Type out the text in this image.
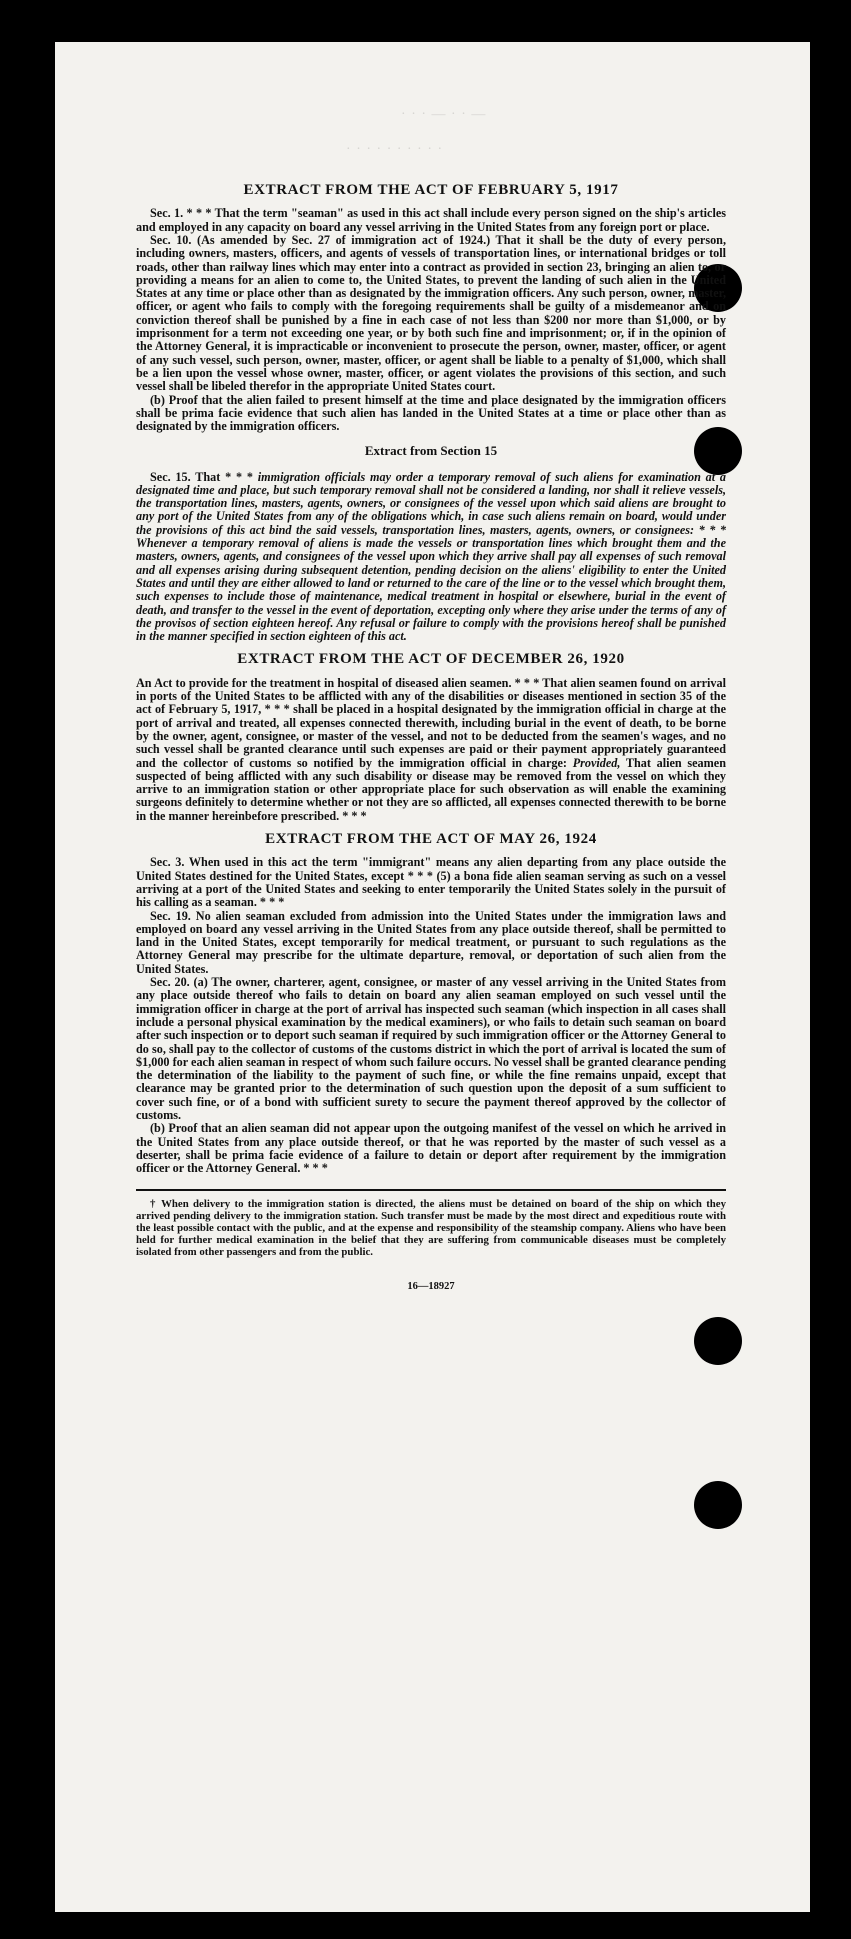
— · · — · · ·
· · · · · · · · · ·
EXTRACT FROM THE ACT OF FEBRUARY 5, 1917

Sec. 1. * * * That the term "seaman" as used in this act shall include every person signed on the ship's articles and employed in any capacity on board any vessel arriving in the United States from any foreign port or place.

Sec. 10. (As amended by Sec. 27 of immigration act of 1924.) That it shall be the duty of every person, including owners, masters, officers, and agents of vessels of transportation lines, or international bridges or toll roads, other than railway lines which may enter into a contract as provided in section 23, bringing an alien to, or providing a means for an alien to come to, the United States, to prevent the landing of such alien in the United States at any time or place other than as designated by the immigration officers. Any such person, owner, master, officer, or agent who fails to comply with the foregoing requirements shall be guilty of a misdemeanor and on conviction thereof shall be punished by a fine in each case of not less than $200 nor more than $1,000, or by imprisonment for a term not exceeding one year, or by both such fine and imprisonment; or, if in the opinion of the Attorney General, it is impracticable or inconvenient to prosecute the person, owner, master, officer, or agent of any such vessel, such person, owner, master, officer, or agent shall be liable to a penalty of $1,000, which shall be a lien upon the vessel whose owner, master, officer, or agent violates the provisions of this section, and such vessel shall be libeled therefor in the appropriate United States court.

(b) Proof that the alien failed to present himself at the time and place designated by the immigration officers shall be prima facie evidence that such alien has landed in the United States at a time or place other than as designated by the immigration officers.

Extract from Section 15

Sec. 15. That * * * immigration officials may order a temporary removal of such aliens for examination at a designated time and place, but such temporary removal shall not be considered a landing, nor shall it relieve vessels, the transportation lines, masters, agents, owners, or consignees of the vessel upon which said aliens are brought to any port of the United States from any of the obligations which, in case such aliens remain on board, would under the provisions of this act bind the said vessels, transportation lines, masters, agents, owners, or consignees: * * * Whenever a temporary removal of aliens is made the vessels or transportation lines which brought them and the masters, owners, agents, and consignees of the vessel upon which they arrive shall pay all expenses of such removal and all expenses arising during subsequent detention, pending decision on the aliens' eligibility to enter the United States and until they are either allowed to land or returned to the care of the line or to the vessel which brought them, such expenses to include those of maintenance, medical treatment in hospital or elsewhere, burial in the event of death, and transfer to the vessel in the event of deportation, excepting only where they arise under the terms of any of the provisos of section eighteen hereof. Any refusal or failure to comply with the provisions hereof shall be punished in the manner specified in section eighteen of this act.

EXTRACT FROM THE ACT OF DECEMBER 26, 1920

An Act to provide for the treatment in hospital of diseased alien seamen. * * * That alien seamen found on arrival in ports of the United States to be afflicted with any of the disabilities or diseases mentioned in section 35 of the act of February 5, 1917, * * * shall be placed in a hospital designated by the immigration official in charge at the port of arrival and treated, all expenses connected therewith, including burial in the event of death, to be borne by the owner, agent, consignee, or master of the vessel, and not to be deducted from the seamen's wages, and no such vessel shall be granted clearance until such expenses are paid or their payment appropriately guaranteed and the collector of customs so notified by the immigration official in charge: Provided, That alien seamen suspected of being afflicted with any such disability or disease may be removed from the vessel on which they arrive to an immigration station or other appropriate place for such observation as will enable the examining surgeons definitely to determine whether or not they are so afflicted, all expenses connected therewith to be borne in the manner hereinbefore prescribed. * * *

EXTRACT FROM THE ACT OF MAY 26, 1924

Sec. 3. When used in this act the term "immigrant" means any alien departing from any place outside the United States destined for the United States, except * * * (5) a bona fide alien seaman serving as such on a vessel arriving at a port of the United States and seeking to enter temporarily the United States solely in the pursuit of his calling as a seaman. * * *

Sec. 19. No alien seaman excluded from admission into the United States under the immigration laws and employed on board any vessel arriving in the United States from any place outside thereof, shall be permitted to land in the United States, except temporarily for medical treatment, or pursuant to such regulations as the Attorney General may prescribe for the ultimate departure, removal, or deportation of such alien from the United States.

Sec. 20. (a) The owner, charterer, agent, consignee, or master of any vessel arriving in the United States from any place outside thereof who fails to detain on board any alien seaman employed on such vessel until the immigration officer in charge at the port of arrival has inspected such seaman (which inspection in all cases shall include a personal physical examination by the medical examiners), or who fails to detain such seaman on board after such inspection or to deport such seaman if required by such immigration officer or the Attorney General to do so, shall pay to the collector of customs of the customs district in which the port of arrival is located the sum of $1,000 for each alien seaman in respect of whom such failure occurs. No vessel shall be granted clearance pending the determination of the liability to the payment of such fine, or while the fine remains unpaid, except that clearance may be granted prior to the determination of such question upon the deposit of a sum sufficient to cover such fine, or of a bond with sufficient surety to secure the payment thereof approved by the collector of customs.

(b) Proof that an alien seaman did not appear upon the outgoing manifest of the vessel on which he arrived in the United States from any place outside thereof, or that he was reported by the master of such vessel as a deserter, shall be prima facie evidence of a failure to detain or deport after requirement by the immigration officer or the Attorney General. * * *

† When delivery to the immigration station is directed, the aliens must be detained on board of the ship on which they arrived pending delivery to the immigration station. Such transfer must be made by the most direct and expeditious route with the least possible contact with the public, and at the expense and responsibility of the steamship company. Aliens who have been held for further medical examination in the belief that they are suffering from communicable diseases must be completely isolated from other passengers and from the public.

16—18927
